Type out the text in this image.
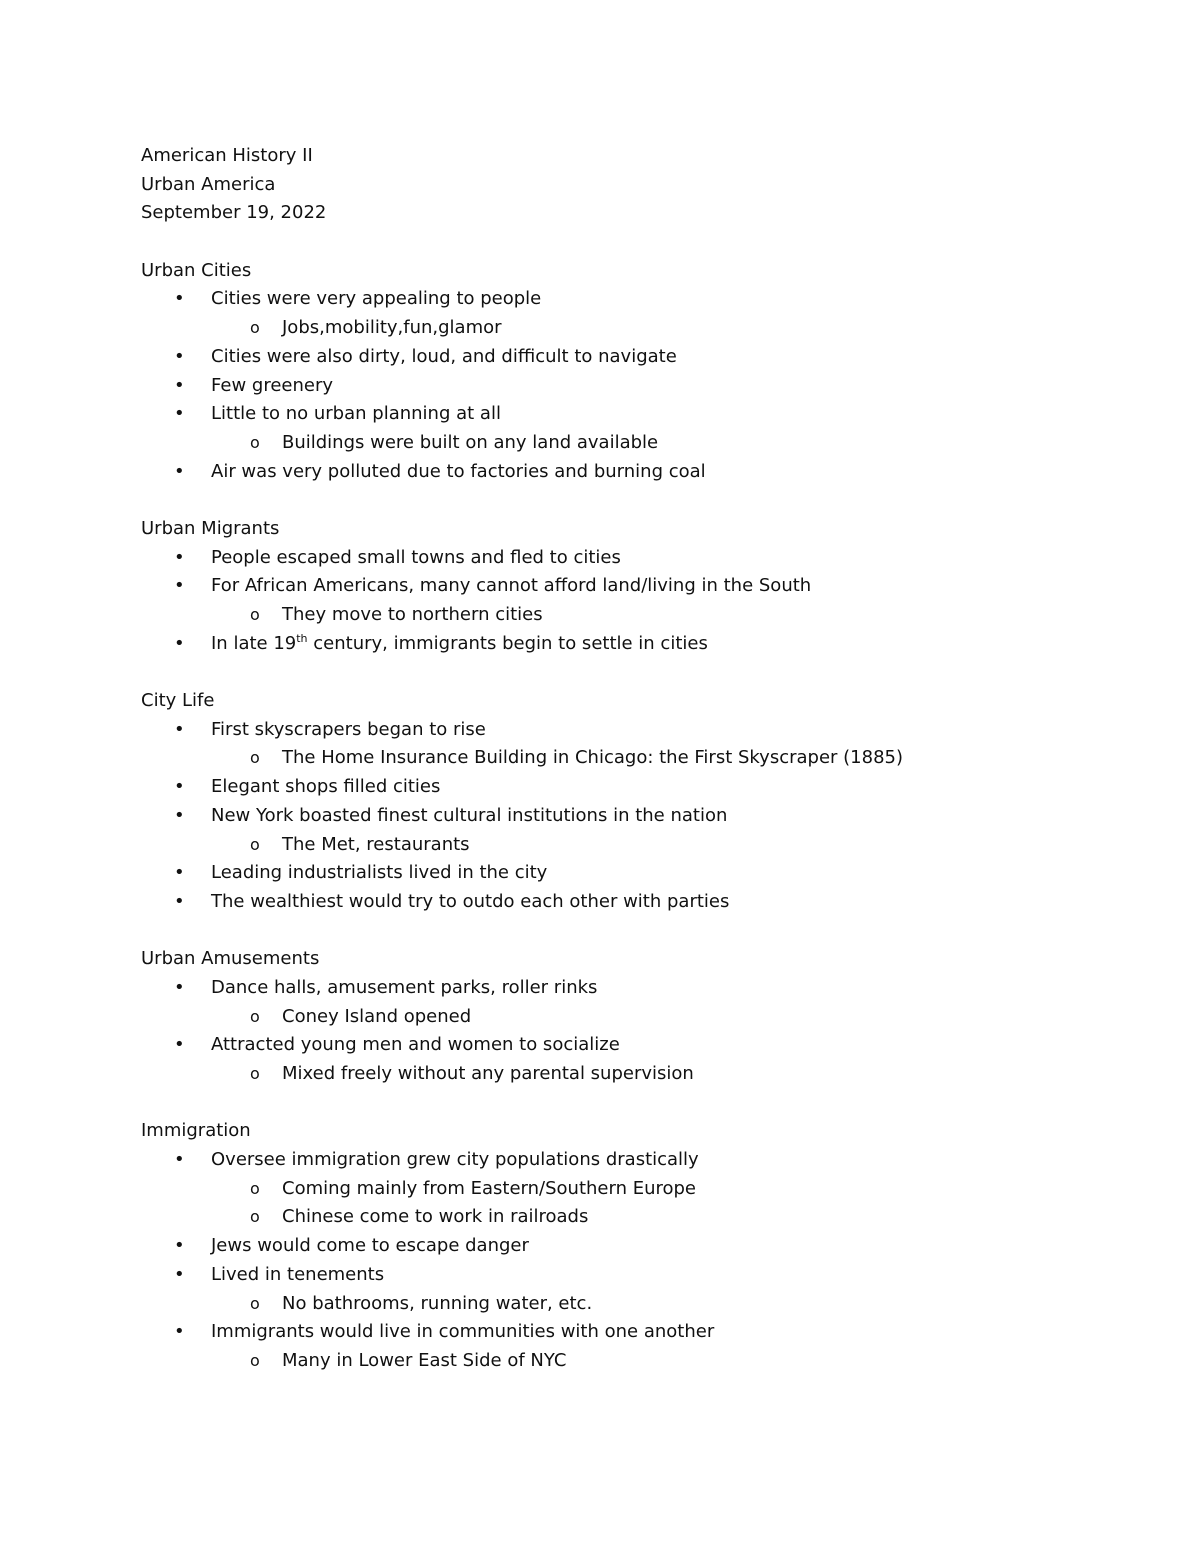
American History II
Urban America
September 19, 2022
Urban Cities
• Cities were very appealing to people
o Jobs,mobility,fun,glamor
• Cities were also dirty, loud, and difficult to navigate
• Few greenery
• Little to no urban planning at all
o Buildings were built on any land available
• Air was very polluted due to factories and burning coal
Urban Migrants
• People escaped small towns and fled to cities
• For African Americans, many cannot afford land/living in the South
o They move to northern cities
• In late 19th century, immigrants begin to settle in cities
City Life
• First skyscrapers began to rise
o The Home Insurance Building in Chicago: the First Skyscraper (1885)
• Elegant shops filled cities
• New York boasted finest cultural institutions in the nation
o The Met, restaurants
• Leading industrialists lived in the city
• The wealthiest would try to outdo each other with parties
Urban Amusements
• Dance halls, amusement parks, roller rinks
o Coney Island opened
• Attracted young men and women to socialize
o Mixed freely without any parental supervision
Immigration
• Oversee immigration grew city populations drastically
o Coming mainly from Eastern/Southern Europe
o Chinese come to work in railroads
• Jews would come to escape danger
• Lived in tenements
o No bathrooms, running water, etc.
• Immigrants would live in communities with one another
o Many in Lower East Side of NYC
